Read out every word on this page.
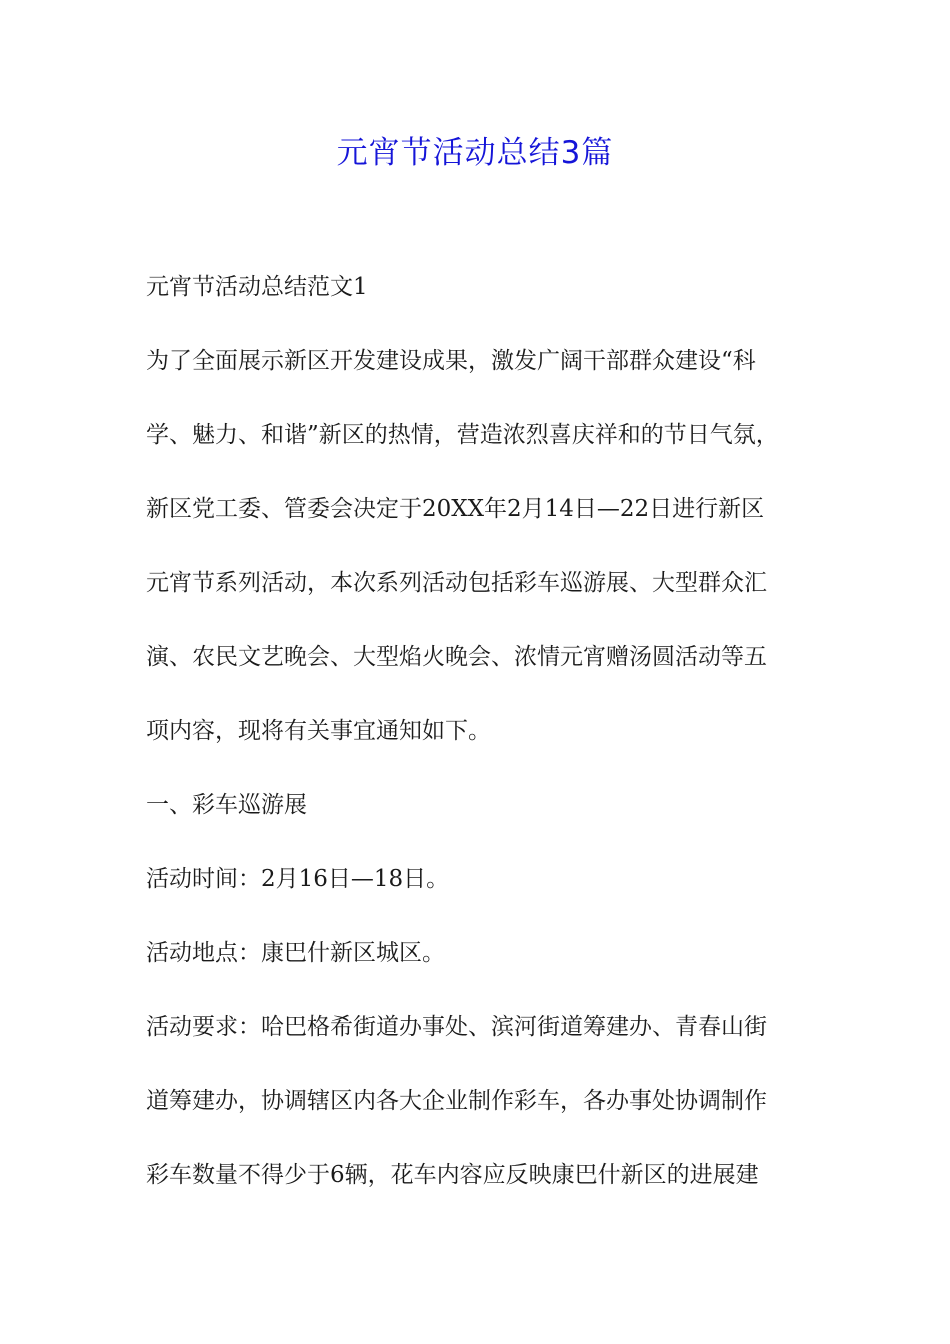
元宵节活动总结3篇
元宵节活动总结范文1
为了全面展示新区开发建设成果，激发广阔干部群众建设“科
学、魅力、和谐”新区的热情，营造浓烈喜庆祥和的节日气氛，
新区党工委、管委会决定于20XX年2月14日—22日进行新区
元宵节系列活动，本次系列活动包括彩车巡游展、大型群众汇
演、农民文艺晚会、大型焰火晚会、浓情元宵赠汤圆活动等五
项内容，现将有关事宜通知如下。
一、彩车巡游展
活动时间：2月16日—18日。
活动地点：康巴什新区城区。
活动要求：哈巴格希街道办事处、滨河街道筹建办、青春山街
道筹建办，协调辖区内各大企业制作彩车，各办事处协调制作
彩车数量不得少于6辆，花车内容应反映康巴什新区的进展建
